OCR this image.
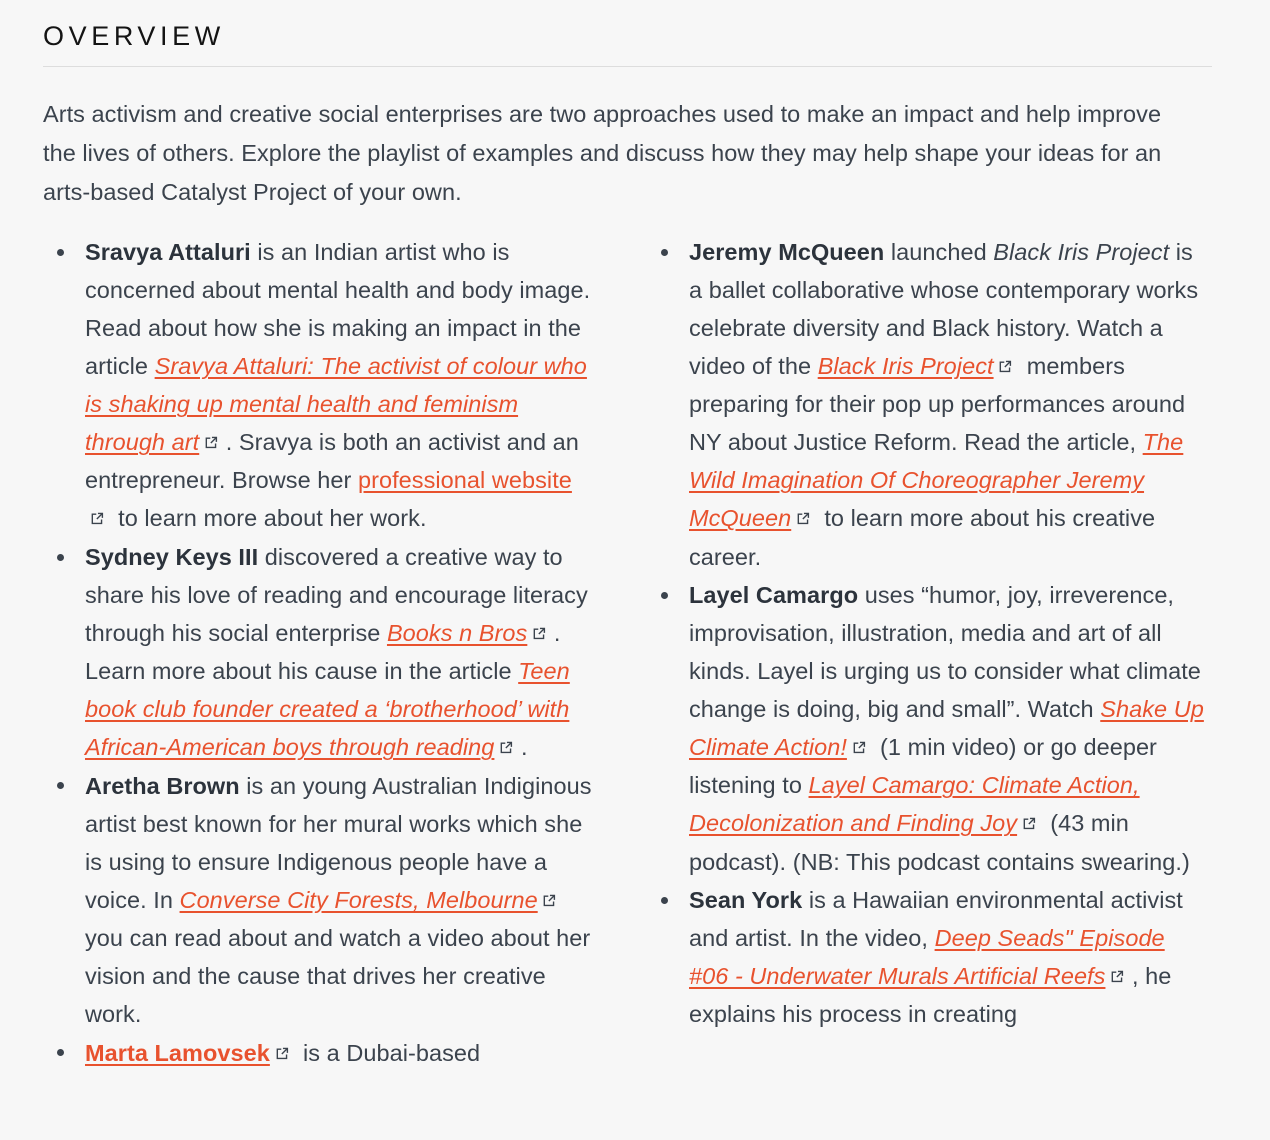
OVERVIEW

Arts activism and creative social enterprises are two approaches used to make an impact and help improve the lives of others. Explore the playlist of examples and discuss how they may help shape your ideas for an arts-based Catalyst Project of your own.

Sravya Attaluri is an Indian artist who is concerned about mental health and body image. Read about how she is making an impact in the article Sravya Attaluri: The activist of colour who is shaking up mental health and feminism through art . Sravya is both an activist and an entrepreneur. Browse her professional website
to learn more about her work.
Sydney Keys III discovered a creative way to share his love of reading and encourage literacy through his social enterprise Books n Bros . Learn more about his cause in the article Teen book club founder created a ‘brotherhood’ with African-American boys through reading .
Aretha Brown is an young Australian Indiginous artist best known for her mural works which she is using to ensure Indigenous people have a voice. In Converse City Forests, Melbourne
you can read about and watch a video about her vision and the cause that drives her creative work.
Marta Lamovsek
is a Dubai-based
Jeremy McQueen launched Black Iris Project is a ballet collaborative whose contemporary works celebrate diversity and Black history. Watch a video of the Black Iris Project
members preparing for their pop up performances around NY about Justice Reform. Read the article, The Wild Imagination Of Choreographer Jeremy McQueen
to learn more about his creative career.
Layel Camargo uses “humor, joy, irreverence, improvisation, illustration, media and art of all kinds. Layel is urging us to consider what climate change is doing, big and small”. Watch Shake Up Climate Action!
(1 min video) or go deeper listening to Layel Camargo: Climate Action, Decolonization and Finding Joy
(43 min podcast). (NB: This podcast contains swearing.)
Sean York is a Hawaiian environmental activist and artist. In the video, Deep Seads" Episode #06 - Underwater Murals Artificial Reefs , he explains his process in creating
